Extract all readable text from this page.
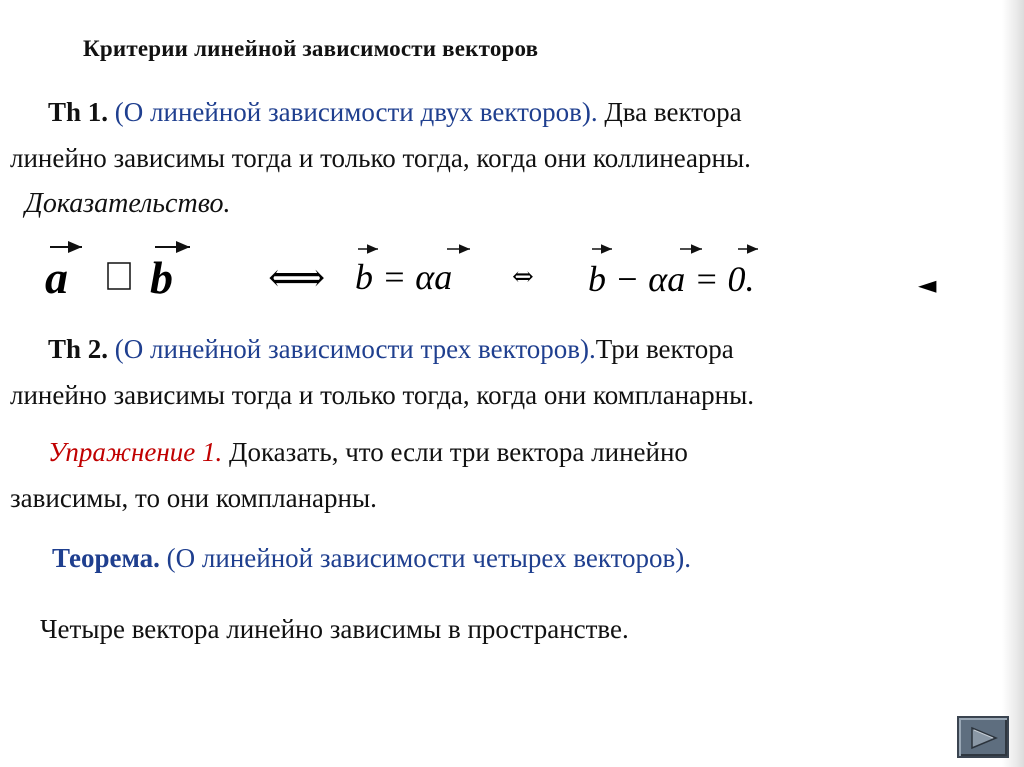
Критерии линейной зависимости векторов
Th 1. (О линейной зависимости двух векторов). Два вектора
линейно зависимы тогда и только тогда, когда они коллинеарны.
Доказательство.
a b ⟺ b = αa ⇔ b − αa = 0.	◄
Th 2. (О линейной зависимости трех векторов).Три вектора
линейно зависимы тогда и только тогда, когда они компланарны.
Упражнение 1. Доказать, что если три вектора линейно
зависимы, то они компланарны.
Теорема. (О линейной зависимости четырех векторов).
Четыре вектора линейно зависимы в пространстве.
